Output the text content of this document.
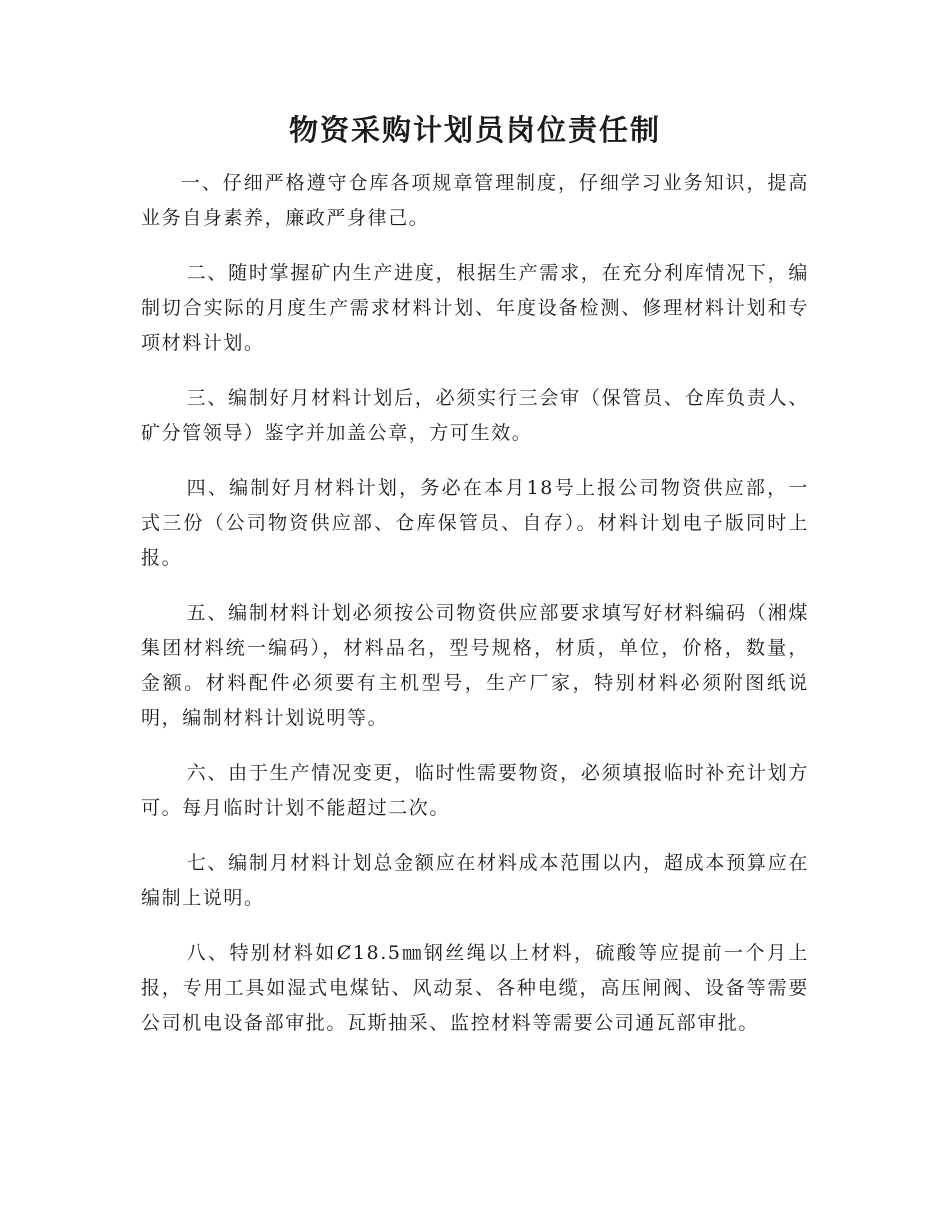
物资采购计划员岗位责任制

一、仔细严格遵守仓库各项规章管理制度，仔细学习业务知识，提高业务自身素养，廉政严身律己。

二、随时掌握矿内生产进度，根据生产需求，在充分利库情况下，编制切合实际的月度生产需求材料计划、年度设备检测、修理材料计划和专项材料计划。

三、编制好月材料计划后，必须实行三会审（保管员、仓库负责人、矿分管领导）鉴字并加盖公章，方可生效。

四、编制好月材料计划，务必在本月18号上报公司物资供应部，一式三份（公司物资供应部、仓库保管员、自存）。材料计划电子版同时上报。

五、编制材料计划必须按公司物资供应部要求填写好材料编码（湘煤集团材料统一编码），材料品名，型号规格，材质，单位，价格，数量，金额。材料配件必须要有主机型号，生产厂家，特别材料必须附图纸说明，编制材料计划说明等。

六、由于生产情况变更，临时性需要物资，必须填报临时补充计划方可。每月临时计划不能超过二次。

七、编制月材料计划总金额应在材料成本范围以内，超成本预算应在编制上说明。

八、特别材料如Ȼ18.5㎜钢丝绳以上材料，硫酸等应提前一个月上报，专用工具如湿式电煤钻、风动泵、各种电缆，高压闸阀、设备等需要公司机电设备部审批。瓦斯抽采、监控材料等需要公司通瓦部审批。
